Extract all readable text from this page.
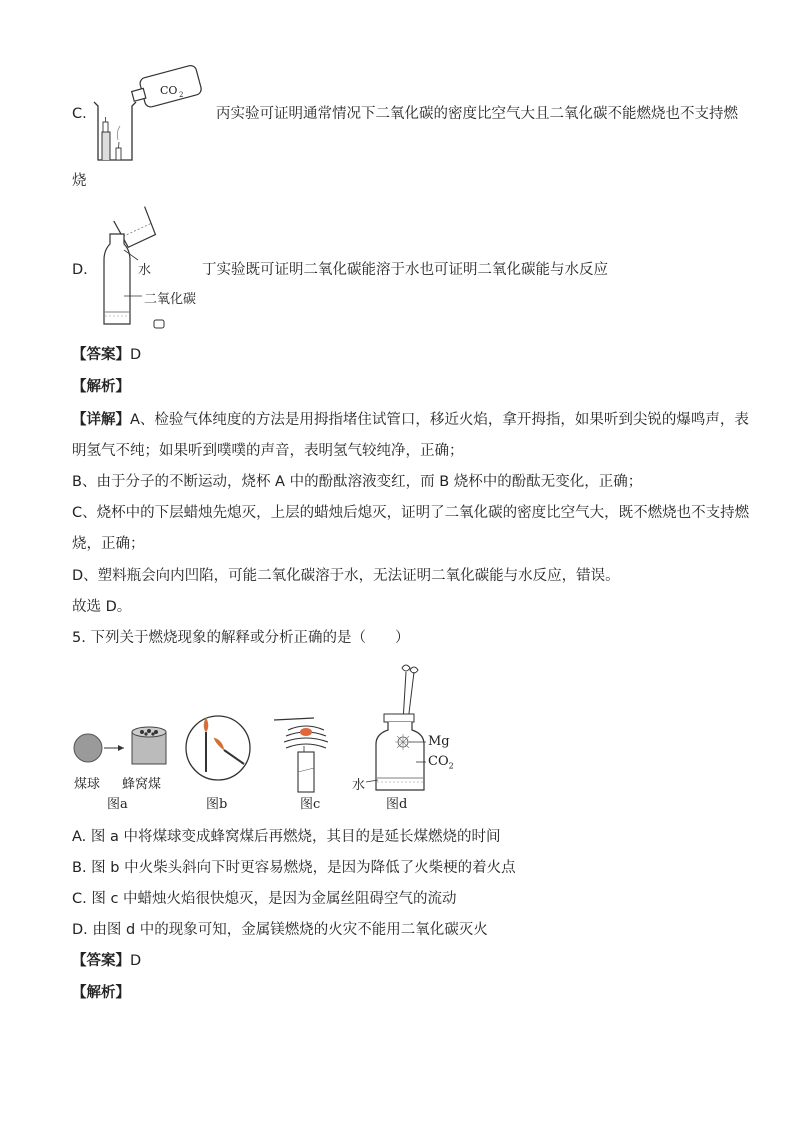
C.
CO 2
丙实验可证明通常情况下二氧化碳的密度比空气大且二氧化碳不能燃烧也不支持燃
烧
D.	水
二氧化碳
丁实验既可证明二氧化碳能溶于水也可证明二氧化碳能与水反应
【答案】D
【解析】
【详解】A、检验气体纯度的方法是用拇指堵住试管口，移近火焰，拿开拇指，如果听到尖锐的爆鸣声，表
明氢气不纯；如果听到噗噗的声音，表明氢气较纯净，正确；
B、由于分子的不断运动，烧杯 A 中的酚酞溶液变红，而 B 烧杯中的酚酞无变化，正确；
C、烧杯中的下层蜡烛先熄灭，上层的蜡烛后熄灭，证明了二氧化碳的密度比空气大，既不燃烧也不支持燃
烧，正确；
D、塑料瓶会向内凹陷，可能二氧化碳溶于水，无法证明二氧化碳能与水反应，错误。
故选 D。
5. 下列关于燃烧现象的解释或分析正确的是（　　）
煤球 蜂窝煤
图a	图b	图c	图d
Mg
$CO_2$
水
A. 图 a 中将煤球变成蜂窝煤后再燃烧，其目的是延长煤燃烧的时间
B. 图 b 中火柴头斜向下时更容易燃烧，是因为降低了火柴梗的着火点
C. 图 c 中蜡烛火焰很快熄灭，是因为金属丝阻碍空气的流动
D. 由图 d 中的现象可知，金属镁燃烧的火灾不能用二氧化碳灭火
【答案】D
【解析】
